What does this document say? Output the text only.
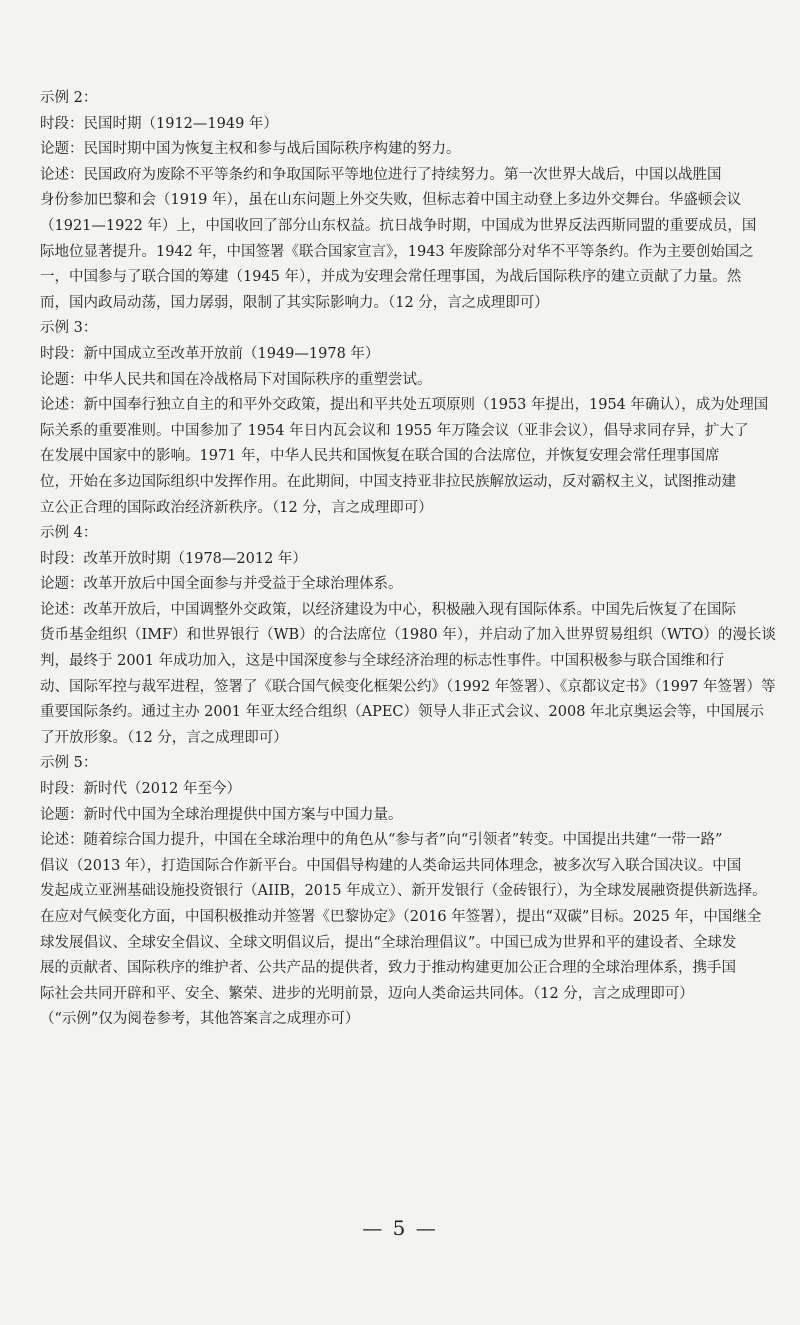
示例 2：
时段：民国时期（1912—1949 年）
论题：民国时期中国为恢复主权和参与战后国际秩序构建的努力。
论述：民国政府为废除不平等条约和争取国际平等地位进行了持续努力。第一次世界大战后，中国以战胜国
身份参加巴黎和会（1919 年），虽在山东问题上外交失败，但标志着中国主动登上多边外交舞台。华盛顿会议
（1921—1922 年）上，中国收回了部分山东权益。抗日战争时期，中国成为世界反法西斯同盟的重要成员，国
际地位显著提升。1942 年，中国签署《联合国家宣言》，1943 年废除部分对华不平等条约。作为主要创始国之
一，中国参与了联合国的筹建（1945 年），并成为安理会常任理事国，为战后国际秩序的建立贡献了力量。然
而，国内政局动荡，国力孱弱，限制了其实际影响力。（12 分，言之成理即可）
示例 3：
时段：新中国成立至改革开放前（1949—1978 年）
论题：中华人民共和国在冷战格局下对国际秩序的重塑尝试。
论述：新中国奉行独立自主的和平外交政策，提出和平共处五项原则（1953 年提出，1954 年确认），成为处理国
际关系的重要准则。中国参加了 1954 年日内瓦会议和 1955 年万隆会议（亚非会议），倡导求同存异，扩大了
在发展中国家中的影响。1971 年，中华人民共和国恢复在联合国的合法席位，并恢复安理会常任理事国席
位，开始在多边国际组织中发挥作用。在此期间，中国支持亚非拉民族解放运动，反对霸权主义，试图推动建
立公正合理的国际政治经济新秩序。（12 分，言之成理即可）
示例 4：
时段：改革开放时期（1978—2012 年）
论题：改革开放后中国全面参与并受益于全球治理体系。
论述：改革开放后，中国调整外交政策，以经济建设为中心，积极融入现有国际体系。中国先后恢复了在国际
货币基金组织（IMF）和世界银行（WB）的合法席位（1980 年），并启动了加入世界贸易组织（WTO）的漫长谈
判，最终于 2001 年成功加入，这是中国深度参与全球经济治理的标志性事件。中国积极参与联合国维和行
动、国际军控与裁军进程，签署了《联合国气候变化框架公约》（1992 年签署）、《京都议定书》（1997 年签署）等
重要国际条约。通过主办 2001 年亚太经合组织（APEC）领导人非正式会议、2008 年北京奥运会等，中国展示
了开放形象。（12 分，言之成理即可）
示例 5：
时段：新时代（2012 年至今）
论题：新时代中国为全球治理提供中国方案与中国力量。
论述：随着综合国力提升，中国在全球治理中的角色从“参与者”向“引领者”转变。中国提出共建“一带一路”
倡议（2013 年），打造国际合作新平台。中国倡导构建的人类命运共同体理念，被多次写入联合国决议。中国
发起成立亚洲基础设施投资银行（AIIB，2015 年成立）、新开发银行（金砖银行），为全球发展融资提供新选择。
在应对气候变化方面，中国积极推动并签署《巴黎协定》（2016 年签署），提出“双碳”目标。2025 年，中国继全
球发展倡议、全球安全倡议、全球文明倡议后，提出“全球治理倡议”。中国已成为世界和平的建设者、全球发
展的贡献者、国际秩序的维护者、公共产品的提供者，致力于推动构建更加公正合理的全球治理体系，携手国
际社会共同开辟和平、安全、繁荣、进步的光明前景，迈向人类命运共同体。（12 分，言之成理即可）
（“示例”仅为阅卷参考，其他答案言之成理亦可）
— 5 —
